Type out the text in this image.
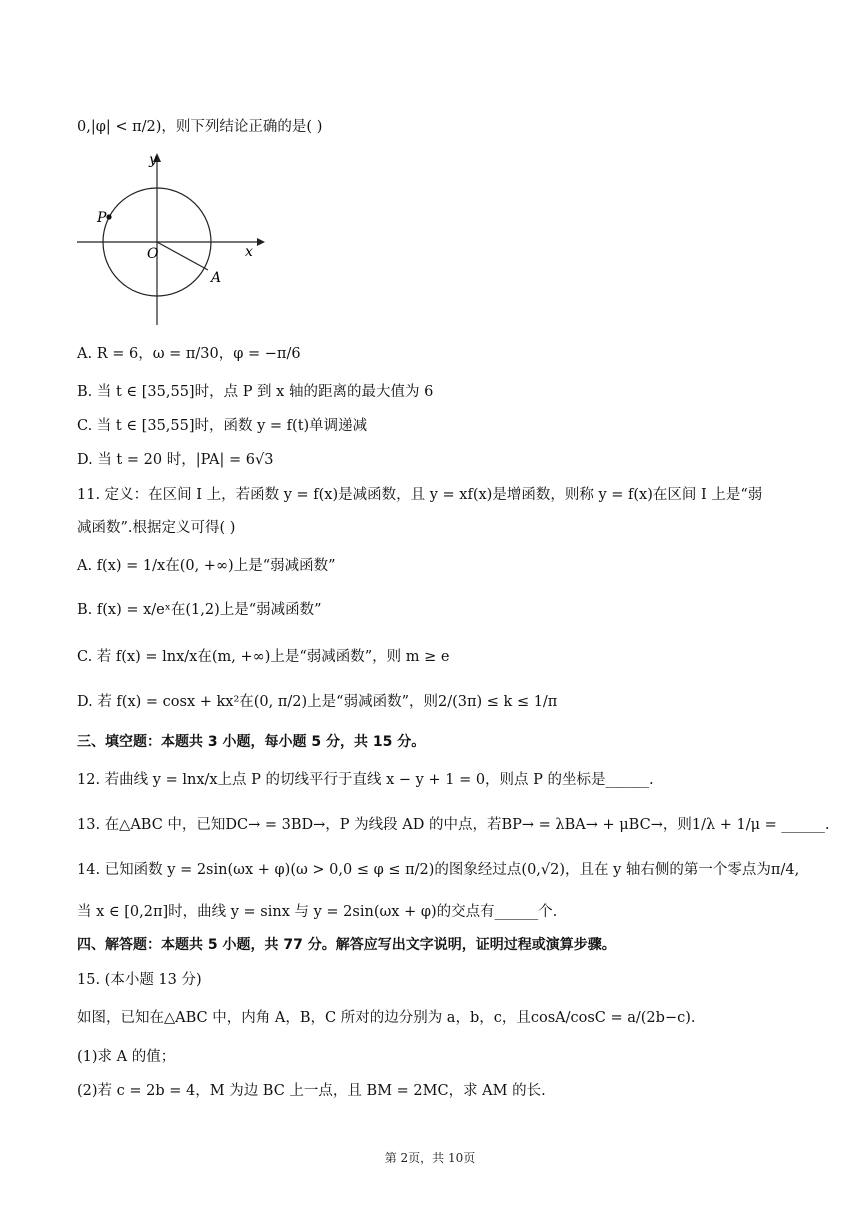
0,|φ| < π/2)，则下列结论正确的是( )
y
x
O
P
A
A. R = 6，ω = π/30，φ = −π/6
B. 当 t ∈ [35,55]时，点 P 到 x 轴的距离的最大值为 6
C. 当 t ∈ [35,55]时，函数 y = f(t)单调递减
D. 当 t = 20 时，|PA| = 6√3
11. 定义：在区间 I 上，若函数 y = f(x)是减函数，且 y = xf(x)是增函数，则称 y = f(x)在区间 I 上是“弱
减函数”.根据定义可得( )
A. f(x) = 1/x在(0, +∞)上是“弱减函数”
B. f(x) = x/eˣ在(1,2)上是“弱减函数”
C. 若 f(x) = lnx/x在(m, +∞)上是“弱减函数”，则 m ≥ e
D. 若 f(x) = cosx + kx²在(0, π/2)上是“弱减函数”，则2/(3π) ≤ k ≤ 1/π
三、填空题：本题共 3 小题，每小题 5 分，共 15 分。
12. 若曲线 y = lnx/x上点 P 的切线平行于直线 x − y + 1 = 0，则点 P 的坐标是______.
13. 在△ABC 中，已知DC→ = 3BD→，P 为线段 AD 的中点，若BP→ = λBA→ + μBC→，则1/λ + 1/μ = ______.
14. 已知函数 y = 2sin(ωx + φ)(ω > 0,0 ≤ φ ≤ π/2)的图象经过点(0,√2)，且在 y 轴右侧的第一个零点为π/4,
当 x ∈ [0,2π]时，曲线 y = sinx 与 y = 2sin(ωx + φ)的交点有______个.
四、解答题：本题共 5 小题，共 77 分。解答应写出文字说明，证明过程或演算步骤。
15. (本小题 13 分)
如图，已知在△ABC 中，内角 A，B，C 所对的边分别为 a，b，c，且cosA/cosC = a/(2b−c).
(1)求 A 的值；
(2)若 c = 2b = 4，M 为边 BC 上一点，且 BM = 2MC，求 AM 的长.
第 2页，共 10页
